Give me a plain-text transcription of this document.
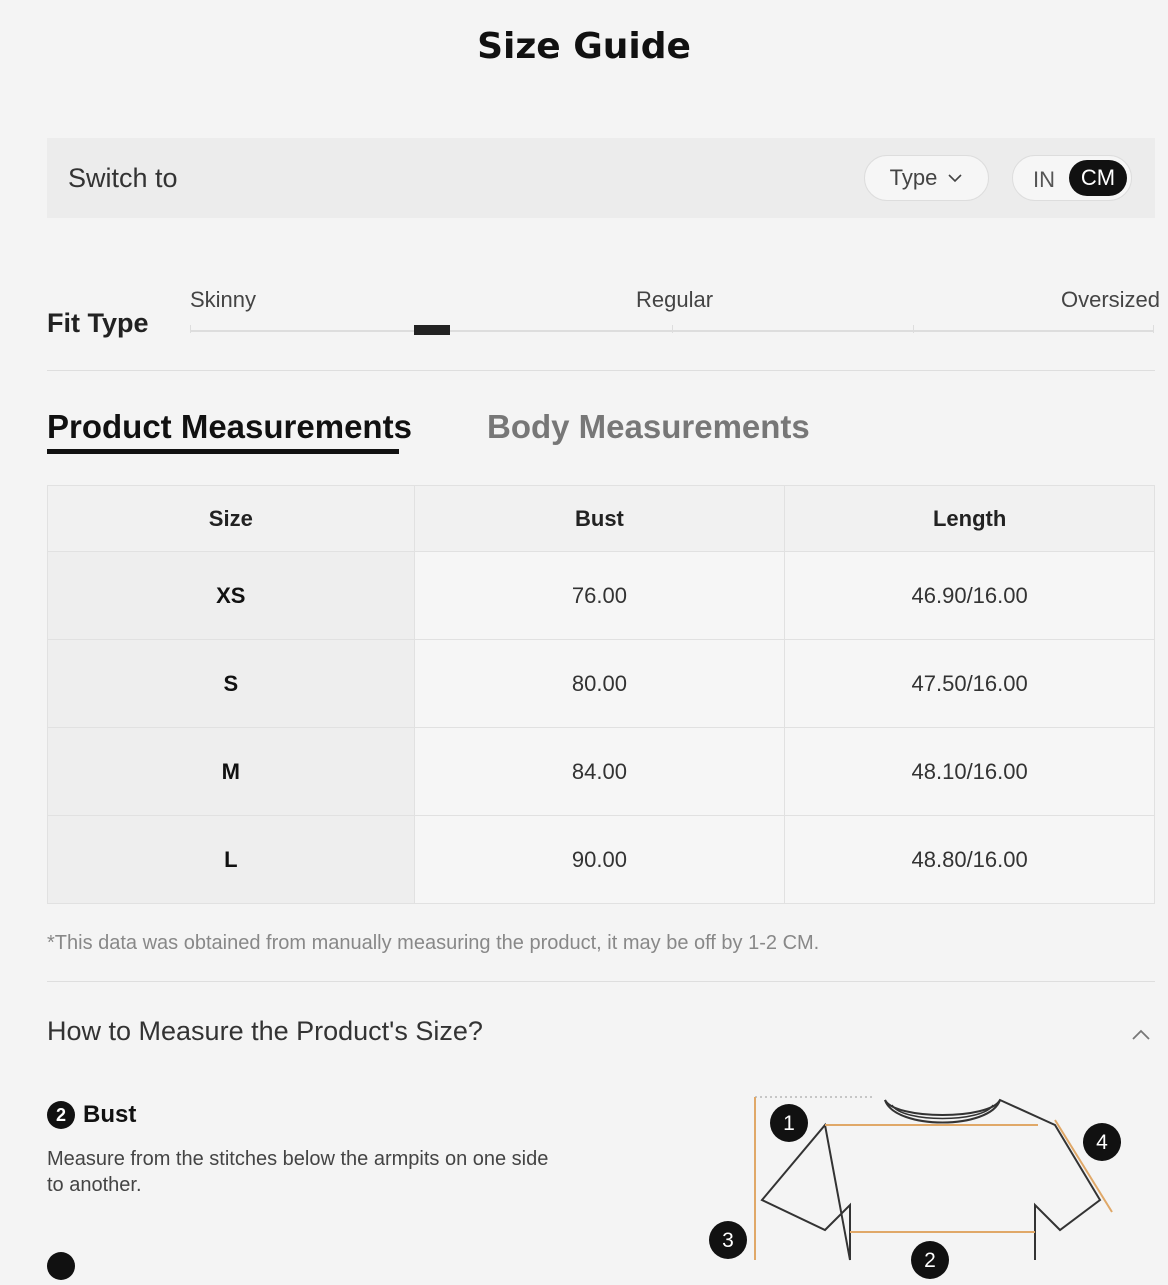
Size Guide
Switch to	Type	IN	CM
Fit Type
Skinny	Regular	Oversized
Product Measurements Body Measurements
Size	Bust	Length
XS	76.00	46.90/16.00
S	80.00	47.50/16.00
M	84.00	48.10/16.00
L	90.00	48.80/16.00
*This data was obtained from manually measuring the product, it may be off by 1-2 CM.
How to Measure the Product's Size?
2 Bust
Measure from the stitches below the armpits on one side to another.
1
4
3
2
